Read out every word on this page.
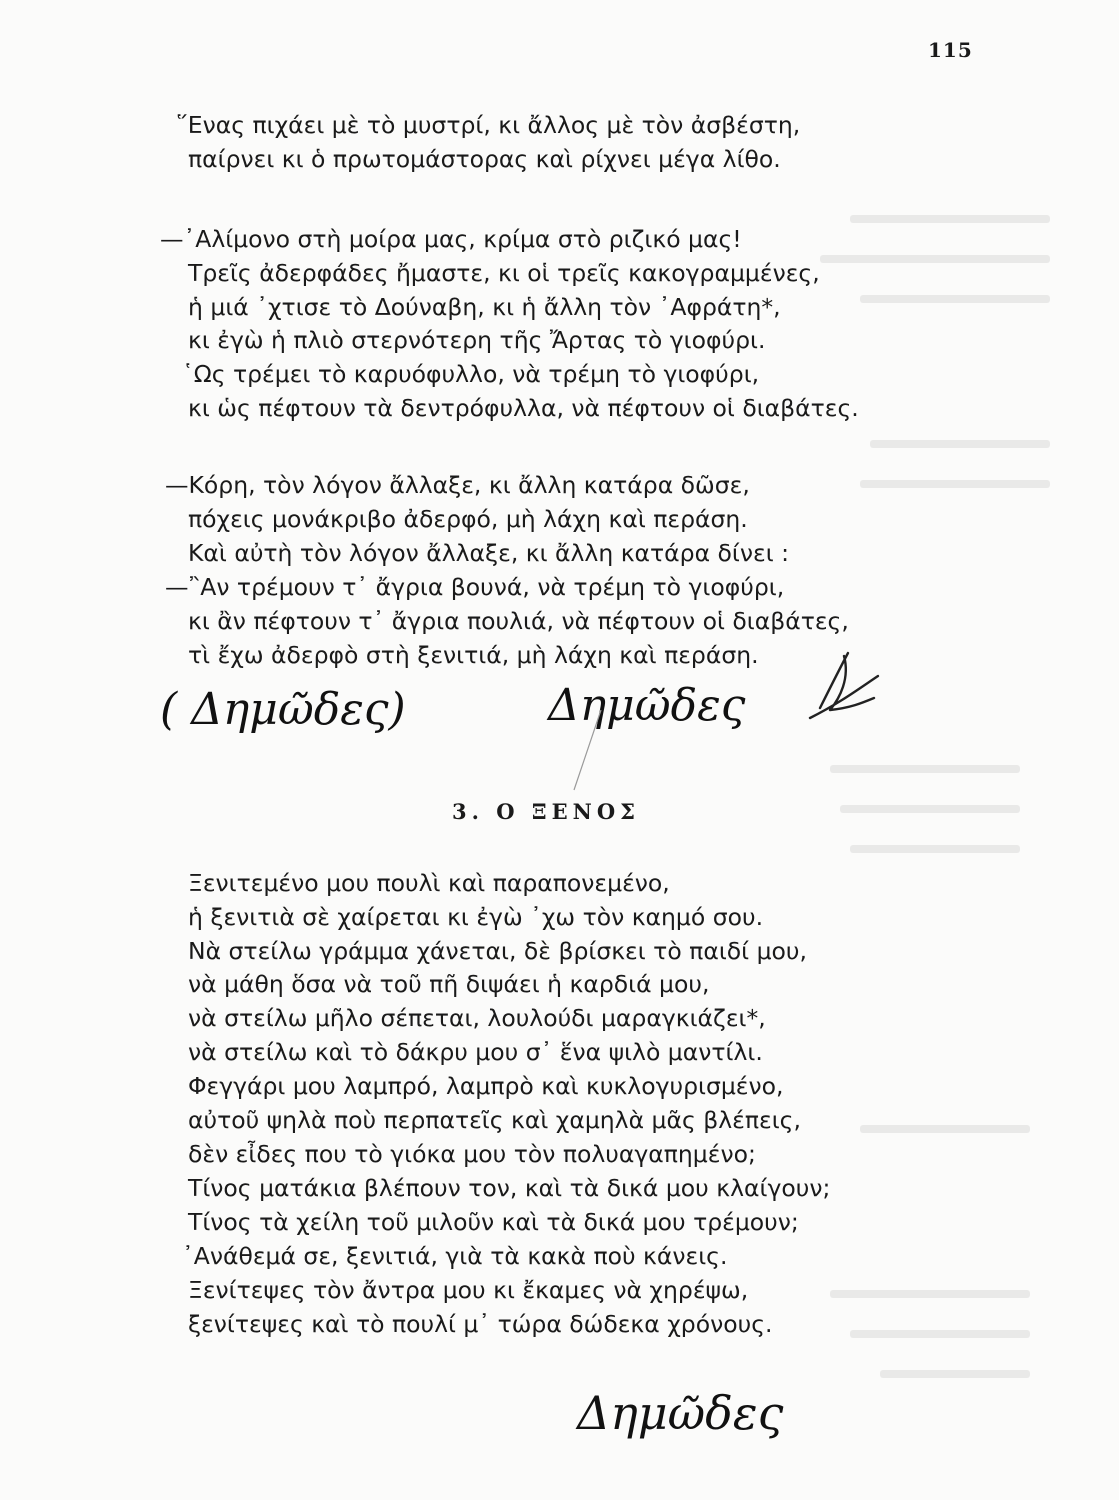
115
῞Ενας πιχάει μὲ τὸ μυστρί, κι ἄλλος μὲ τὸν ἀσβέστη,
παίρνει κι ὁ πρωτομάστορας καὶ ρίχνει μέγα λίθο.
—᾿Αλίμονο στὴ μοίρα μας, κρίμα στὸ ριζικό μας!
Τρεῖς ἀδερφάδες ἤμαστε, κι οἱ τρεῖς κακογραμμένες,
ἡ μιά ᾿χτισε τὸ Δούναβη, κι ἡ ἄλλη τὸν ᾿Αφράτη*,
κι ἐγὼ ἡ πλιὸ στερνότερη τῆς Ἄρτας τὸ γιοφύρι.
῾Ως τρέμει τὸ καρυόφυλλο, νὰ τρέμη τὸ γιοφύρι,
κι ὡς πέφτουν τὰ δεντρόφυλλα, νὰ πέφτουν οἱ διαβάτες.
—Κόρη, τὸν λόγον ἄλλαξε, κι ἄλλη κατάρα δῶσε,
πόχεις μονάκριβο ἀδερφό, μὴ λάχη καὶ περάση.
Καὶ αὐτὴ τὸν λόγον ἄλλαξε, κι ἄλλη κατάρα δίνει :
—῍Αν τρέμουν τ᾿ ἄγρια βουνά, νὰ τρέμη τὸ γιοφύρι,
κι ἂν πέφτουν τ᾿ ἄγρια πουλιά, νὰ πέφτουν οἱ διαβάτες,
τὶ ἔχω ἀδερφὸ στὴ ξενιτιά, μὴ λάχη καὶ περάση.
( Δημῶδες)	Δημῶδες
3. Ο ΞΕΝΟΣ
Ξενιτεμένο μου πουλὶ καὶ παραπονεμένο,
ἡ ξενιτιὰ σὲ χαίρεται κι ἐγὼ ᾿χω τὸν καημό σου.
Νὰ στείλω γράμμα χάνεται, δὲ βρίσκει τὸ παιδί μου,
νὰ μάθη ὅσα νὰ τοῦ πῆ διψάει ἡ καρδιά μου,
νὰ στείλω μῆλο σέπεται, λουλούδι μαραγκιάζει*,
νὰ στείλω καὶ τὸ δάκρυ μου σ᾿ ἕνα ψιλὸ μαντίλι.
Φεγγάρι μου λαμπρό, λαμπρὸ καὶ κυκλογυρισμένο,
αὐτοῦ ψηλὰ ποὺ περπατεῖς καὶ χαμηλὰ μᾶς βλέπεις,
δὲν εἶδες που τὸ γιόκα μου τὸν πολυαγαπημένο;
Τίνος ματάκια βλέπουν τον, καὶ τὰ δικά μου κλαίγουν;
Τίνος τὰ χείλη τοῦ μιλοῦν καὶ τὰ δικά μου τρέμουν;
᾿Ανάθεμά σε, ξενιτιά, γιὰ τὰ κακὰ ποὺ κάνεις.
Ξενίτεψες τὸν ἄντρα μου κι ἔκαμες νὰ χηρέψω,
ξενίτεψες καὶ τὸ πουλί μ᾿ τώρα δώδεκα χρόνους.
Δημῶδες
